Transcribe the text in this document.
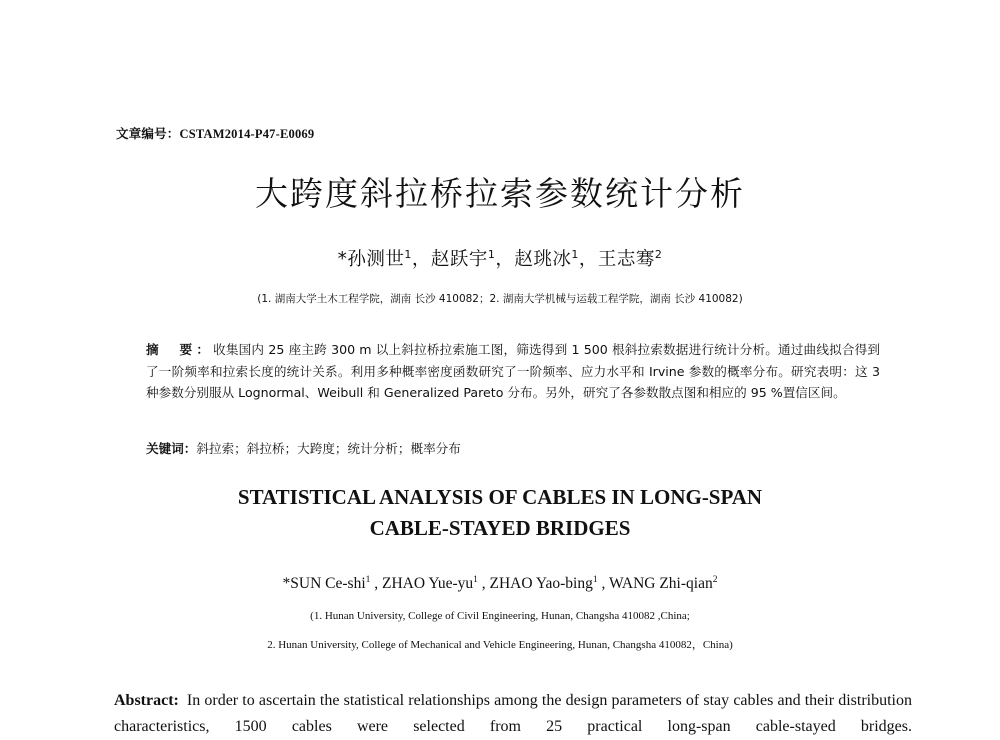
文章编号：CSTAM2014-P47-E0069
大跨度斜拉桥拉索参数统计分析
*孙测世$^1$，赵跃宇$^1$，赵珧冰$^1$，王志骞$^2$
(1. 湖南大学土木工程学院，湖南 长沙 410082；2. 湖南大学机械与运载工程学院，湖南 长沙 410082)
摘　要：收集国内 25 座主跨 300 m 以上斜拉桥拉索施工图，筛选得到 1 500 根斜拉索数据进行统计分析。通过曲线拟合得到了一阶频率和拉索长度的统计关系。利用多种概率密度函数研究了一阶频率、应力水平和 Irvine 参数的概率分布。研究表明：这 3 种参数分别服从 Lognormal、Weibull 和 Generalized Pareto 分布。另外，研究了各参数散点图和相应的 95 %置信区间。
关键词：斜拉索；斜拉桥；大跨度；统计分析；概率分布
STATISTICAL ANALYSIS OF CABLES IN LONG-SPAN
CABLE-STAYED BRIDGES
*SUN Ce-shi$^1$ , ZHAO Yue-$yu^1$ , ZHAO Yao-bing$^1$ , WANG Zhi-qian$^2$
(1. Hunan University, College of Civil Engineering, Hunan, Changsha 410082 ,China;
2. Hunan University, College of Mechanical and Vehicle Engineering, Hunan, Changsha 410082，China)
Abstract: In order to ascertain the statistical relationships among the design parameters of stay cables and their distribution characteristics, 1500 cables were selected from 25 practical long-span cable-stayed bridges.
